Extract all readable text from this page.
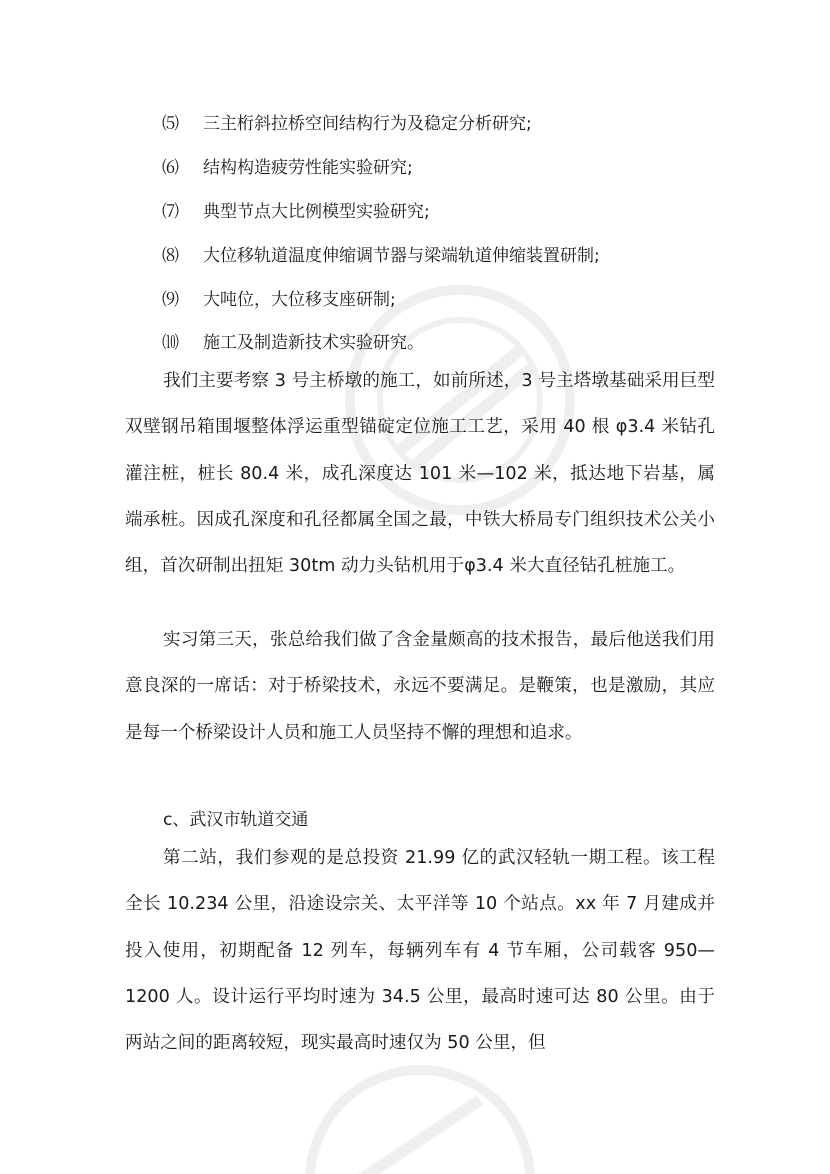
⑸ 三主桁斜拉桥空间结构行为及稳定分析研究;
⑹ 结构构造疲劳性能实验研究;
⑺ 典型节点大比例模型实验研究;
⑻ 大位移轨道温度伸缩调节器与梁端轨道伸缩装置研制;
⑼ 大吨位，大位移支座研制;
⑽ 施工及制造新技术实验研究。

我们主要考察 3 号主桥墩的施工，如前所述，3 号主塔墩基础采用巨型双壁钢吊箱围堰整体浮运重型锚碇定位施工工艺，采用 40 根 φ3.4 米钻孔灌注桩，桩长 80.4 米，成孔深度达 101 米—102 米，抵达地下岩基，属端承桩。因成孔深度和孔径都属全国之最，中铁大桥局专门组织技术公关小组，首次研制出扭矩 30tm 动力头钻机用于φ3.4 米大直径钻孔桩施工。

实习第三天，张总给我们做了含金量颇高的技术报告，最后他送我们用意良深的一席话：对于桥梁技术，永远不要满足。是鞭策，也是激励，其应是每一个桥梁设计人员和施工人员坚持不懈的理想和追求。

c、武汉市轨道交通

第二站，我们参观的是总投资 21.99 亿的武汉轻轨一期工程。该工程全长 10.234 公里，沿途设宗关、太平洋等 10 个站点。xx 年 7 月建成并投入使用，初期配备 12 列车，每辆列车有 4 节车厢，公司载客 950—1200 人。设计运行平均时速为 34.5 公里，最高时速可达 80 公里。由于两站之间的距离较短，现实最高时速仅为 50 公里，但
